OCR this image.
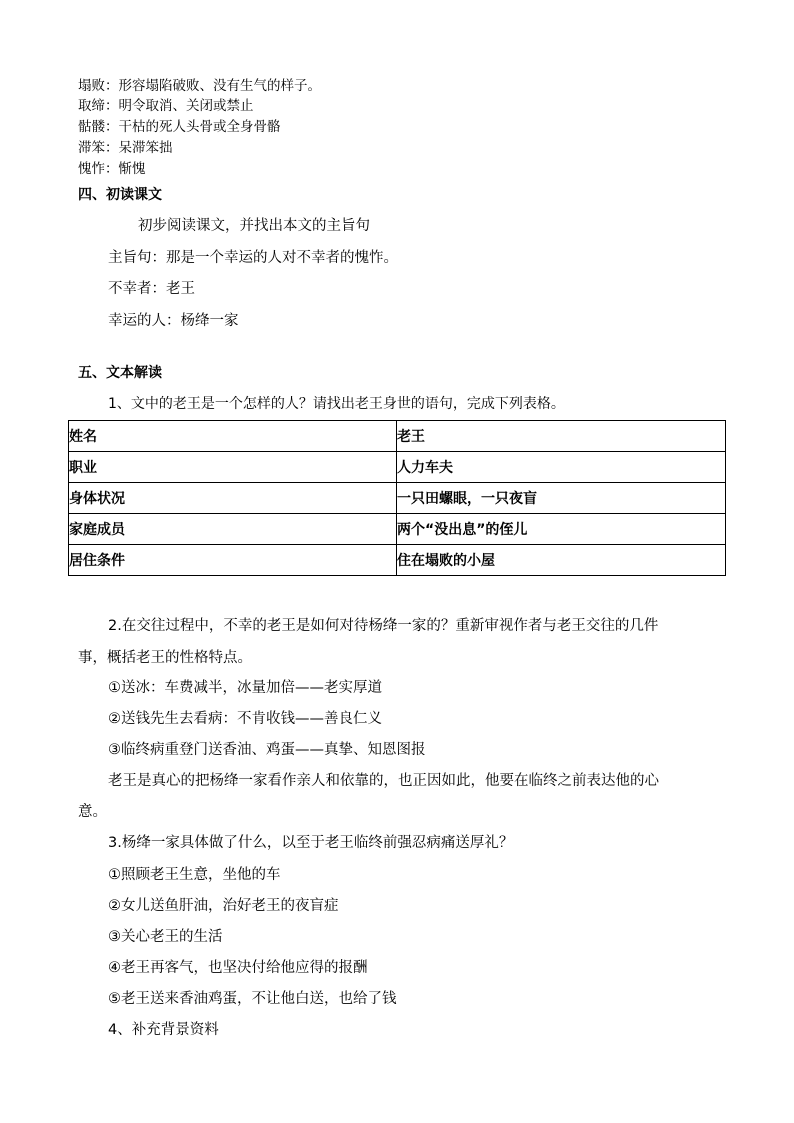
塌败：形容塌陷破败、没有生气的样子。
取缔：明令取消、关闭或禁止
骷髅：干枯的死人头骨或全身骨骼
滞笨：呆滞笨拙
愧怍：惭愧
四、初读课文
初步阅读课文，并找出本文的主旨句
主旨句：那是一个幸运的人对不幸者的愧怍。
不幸者：老王
幸运的人：杨绛一家
五、文本解读
1、文中的老王是一个怎样的人？请找出老王身世的语句，完成下列表格。
姓名	老王
职业	人力车夫
身体状况	一只田螺眼，一只夜盲
家庭成员	两个“没出息”的侄儿
居住条件	住在塌败的小屋
2.在交往过程中，不幸的老王是如何对待杨绛一家的？重新审视作者与老王交往的几件
事，概括老王的性格特点。
①送冰：车费减半，冰量加倍——老实厚道
②送钱先生去看病：不肯收钱——善良仁义
③临终病重登门送香油、鸡蛋——真挚、知恩图报
老王是真心的把杨绛一家看作亲人和依靠的，也正因如此，他要在临终之前表达他的心
意。
3.杨绛一家具体做了什么，以至于老王临终前强忍病痛送厚礼？
①照顾老王生意，坐他的车
②女儿送鱼肝油，治好老王的夜盲症
③关心老王的生活
④老王再客气，也坚决付给他应得的报酬
⑤老王送来香油鸡蛋，不让他白送，也给了钱
4、补充背景资料
